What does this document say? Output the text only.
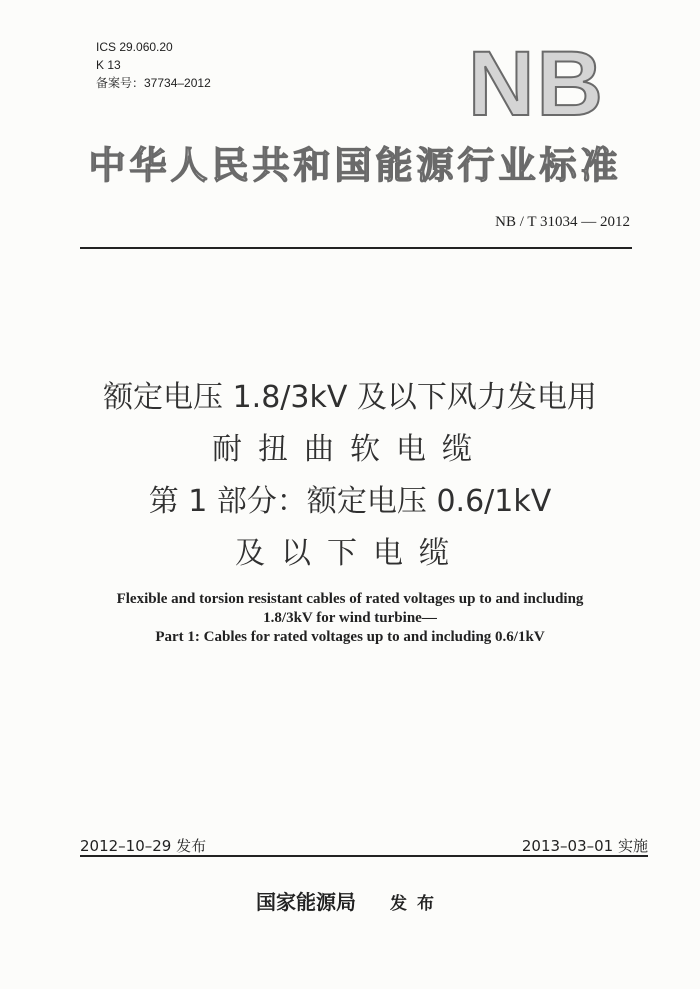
ICS 29.060.20
K 13
备案号：37734–2012	NB
中华人民共和国能源行业标准
NB / T 31034 — 2012
额定电压 1.8/3kV 及以下风力发电用
耐扭曲软电缆
第 1 部分：额定电压 0.6/1kV
及以下电缆
Flexible and torsion resistant cables of rated voltages up to and including
1.8/3kV for wind turbine—
Part 1: Cables for rated voltages up to and including 0.6/1kV
2012–10–29 发布	2013–03–01 实施
国家能源局 发布
